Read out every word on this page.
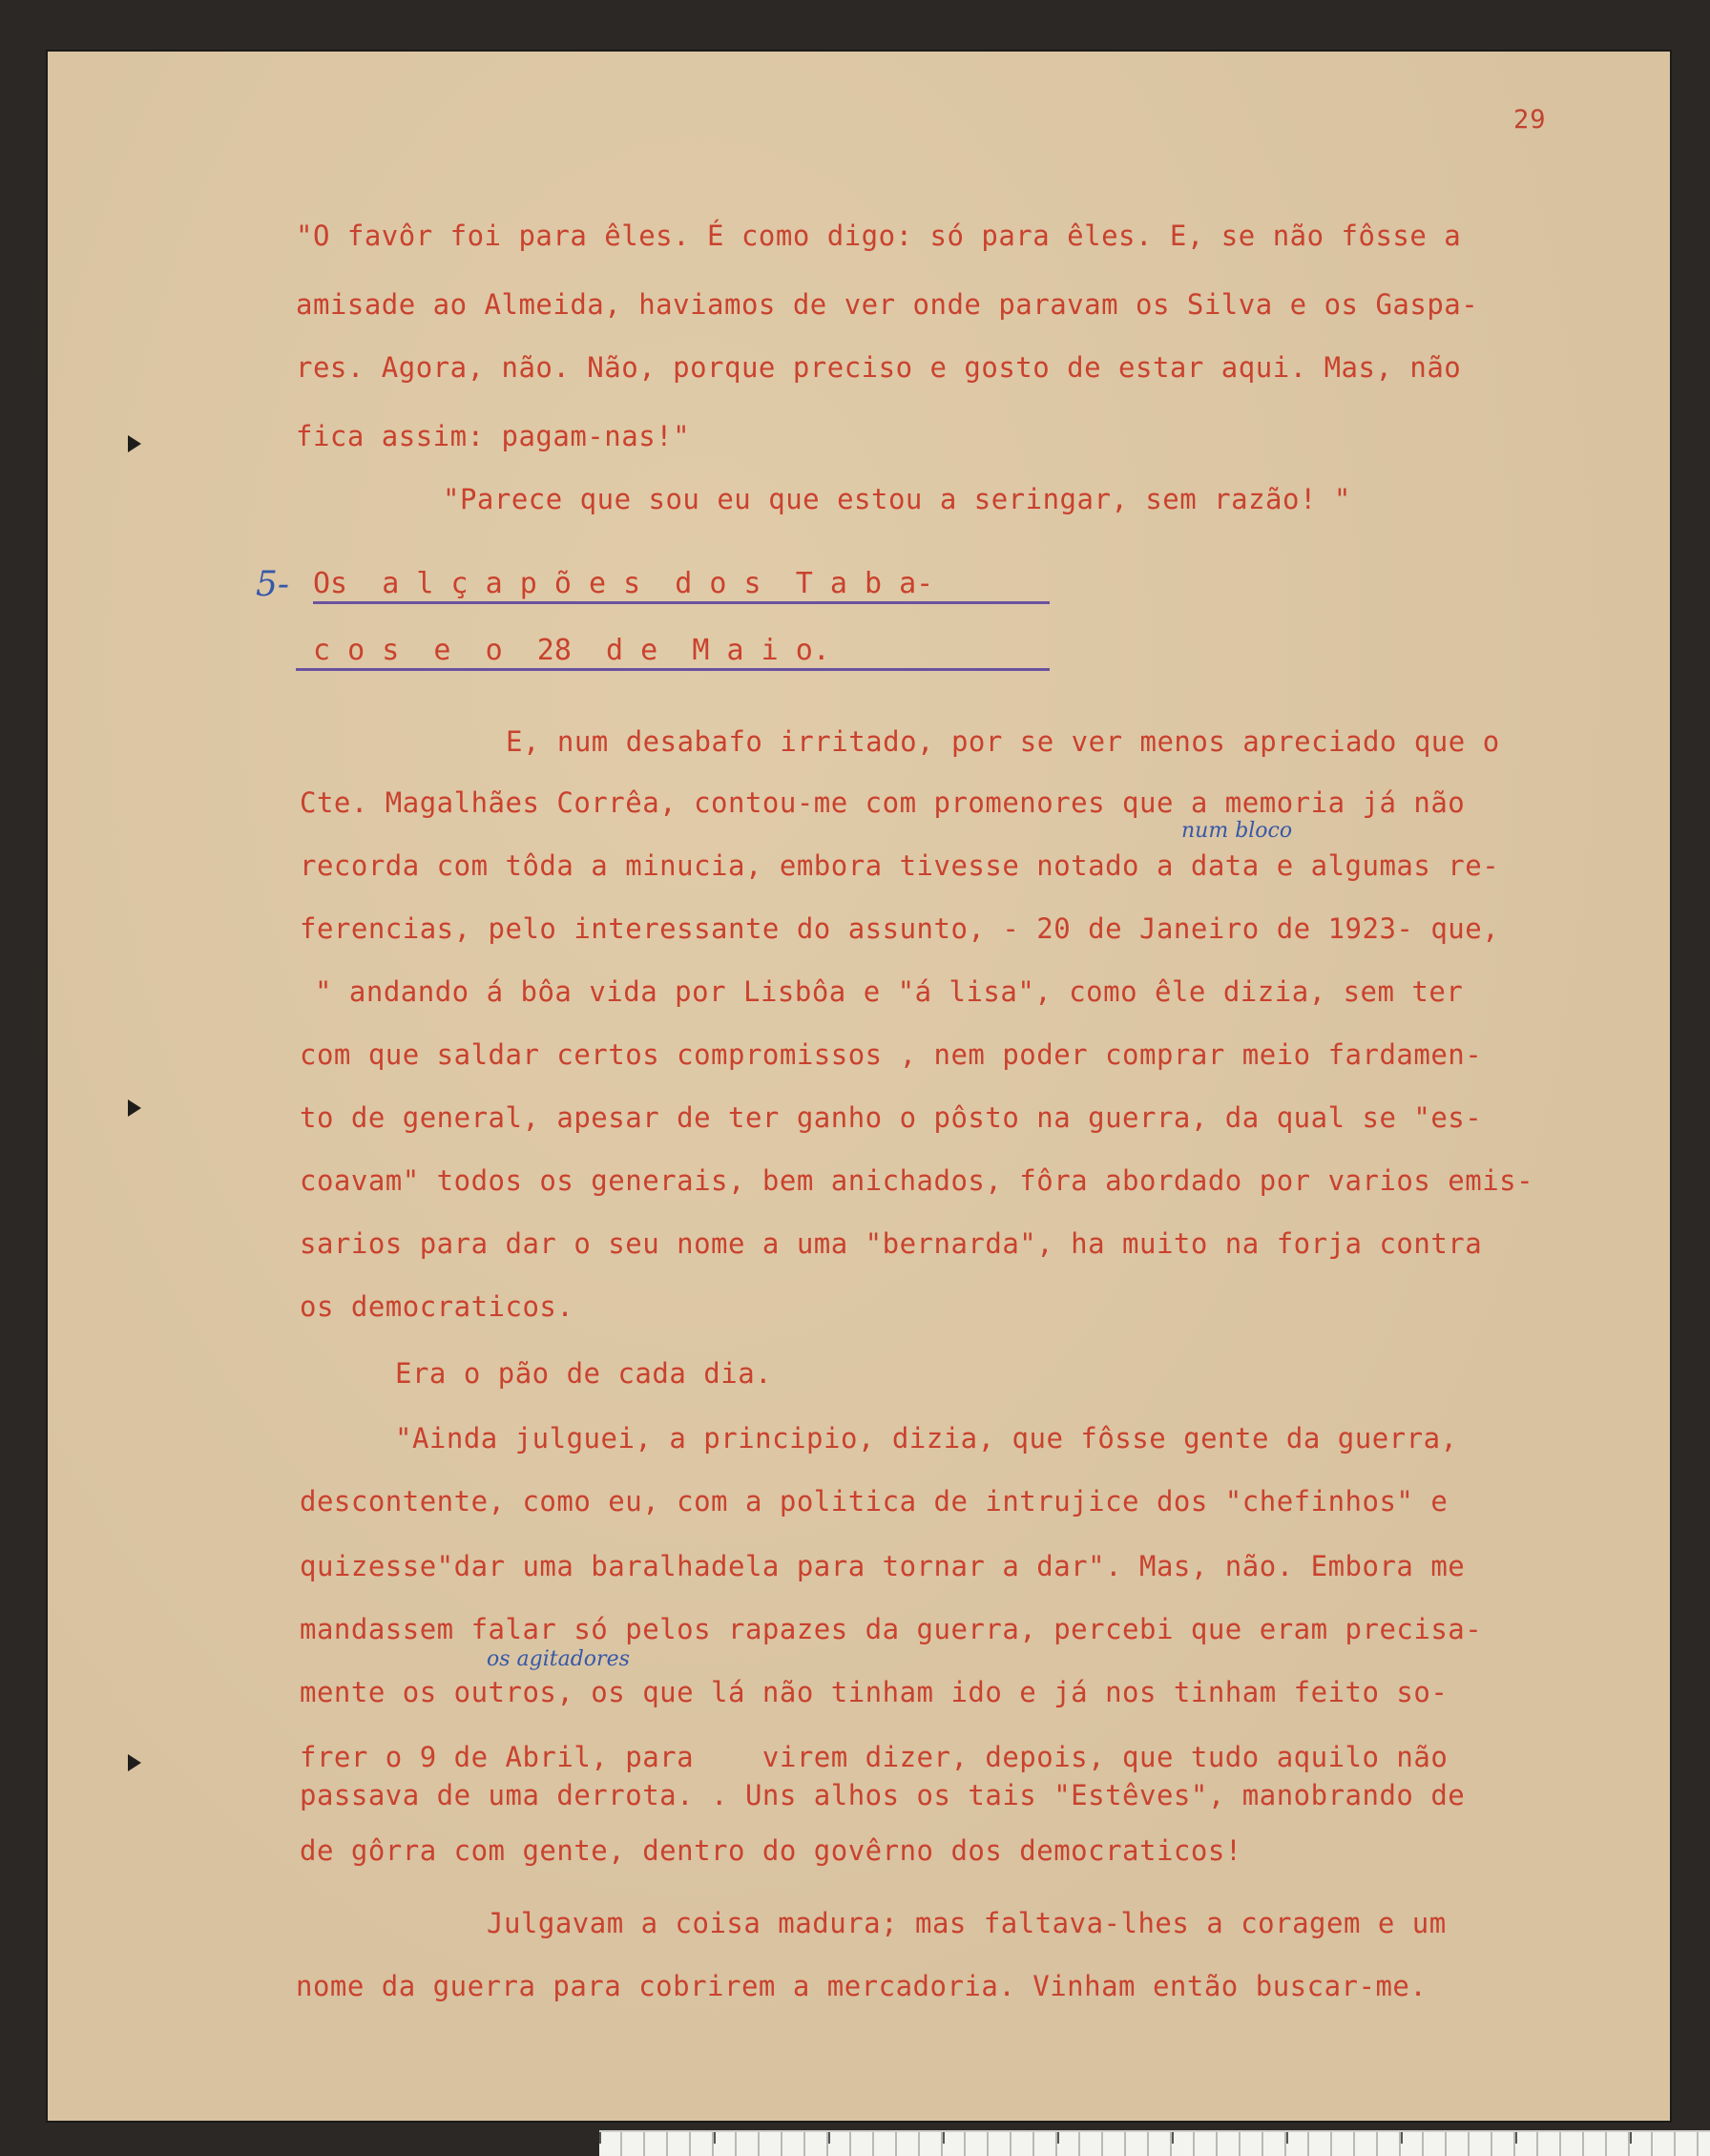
29
"O favôr foi para êles. É como digo: só para êles. E, se não fôsse a
amisade ao Almeida, haviamos de ver onde paravam os Silva e os Gaspa-
res. Agora, não. Não, porque preciso e gosto de estar aqui. Mas, não
fica assim: pagam-nas!"
"Parece que sou eu que estou a seringar, sem razão! "
5- Os  a l ç a p õ e s  d o s  T a b a-
c o s  e  o  28  d e  M a i o.
E, num desabafo irritado, por se ver menos apreciado que o
Cte. Magalhães Corrêa, contou-me com promenores que a memoria já não
num bloco
recorda com tôda a minucia, embora tivesse notado a data e algumas re-
ferencias, pelo interessante do assunto, - 20 de Janeiro de 1923- que,
" andando á bôa vida por Lisbôa e "á lisa", como êle dizia, sem ter
com que saldar certos compromissos , nem poder comprar meio fardamen-
to de general, apesar de ter ganho o pôsto na guerra, da qual se "es-
coavam" todos os generais, bem anichados, fôra abordado por varios emis-
sarios para dar o seu nome a uma "bernarda", ha muito na forja contra
os democraticos.
Era o pão de cada dia.
"Ainda julguei, a principio, dizia, que fôsse gente da guerra,
descontente, como eu, com a politica de intrujice dos "chefinhos" e
quizesse"dar uma baralhadela para tornar a dar". Mas, não. Embora me
mandassem falar só pelos rapazes da guerra, percebi que eram precisa-
os agitadores
mente os outros, os que lá não tinham ido e já nos tinham feito so-
frer o 9 de Abril, para    virem dizer, depois, que tudo aquilo não
passava de uma derrota. . Uns alhos os tais "Estêves", manobrando de
de gôrra com gente, dentro do govêrno dos democraticos!
Julgavam a coisa madura; mas faltava-lhes a coragem e um
nome da guerra para cobrirem a mercadoria. Vinham então buscar-me.
